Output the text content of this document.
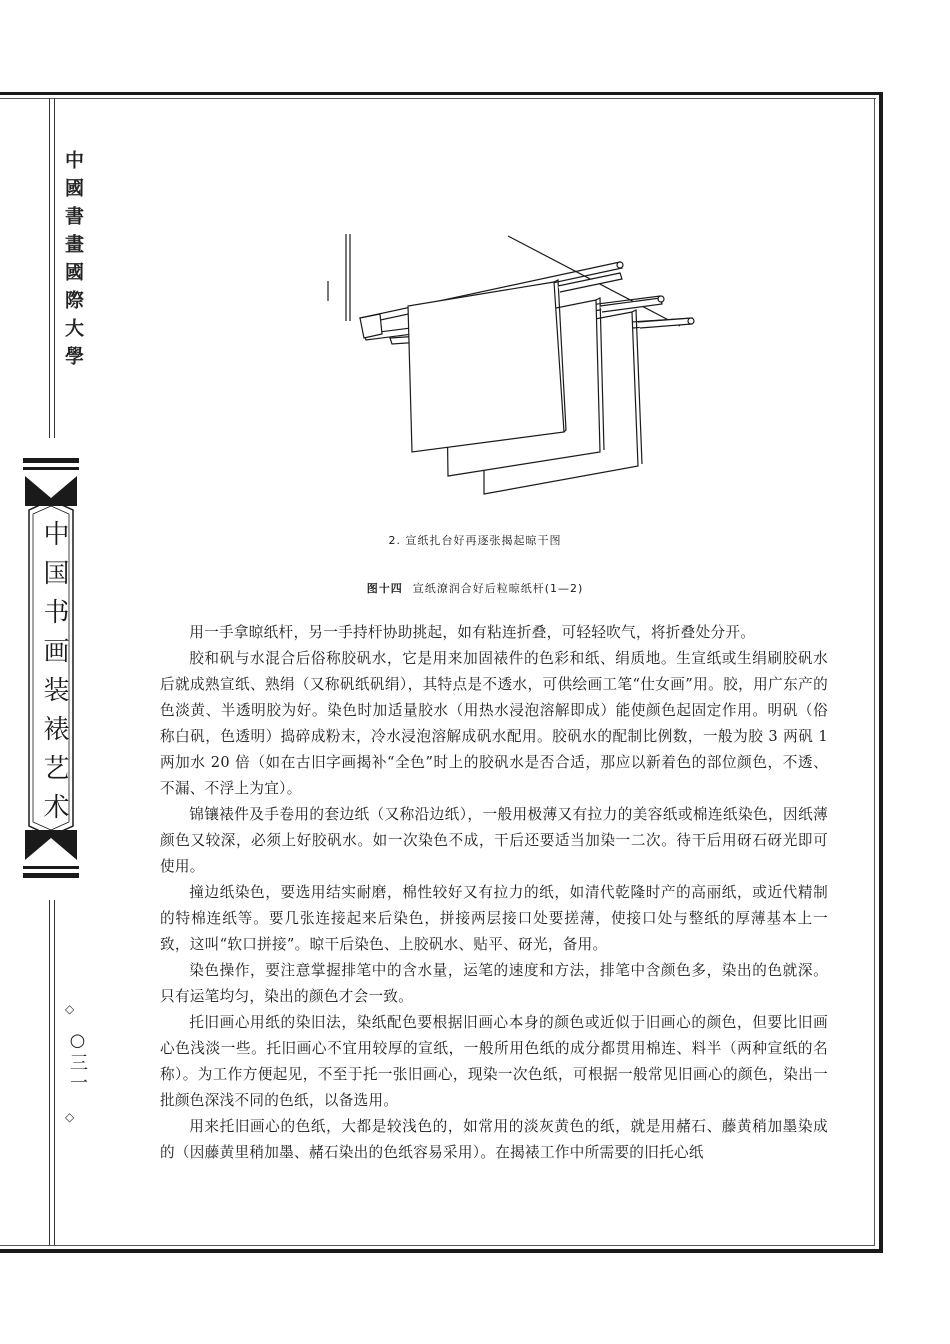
中國書畫國際大學
中国书画装裱艺术
◇
○三一
◇
2. 宣纸扎台好再逐张揭起晾干图
图十四 宣纸潦润合好后粒晾纸杆(1—2)

用一手拿晾纸杆，另一手持杆协助挑起，如有粘连折叠，可轻轻吹气，将折叠处分开。

胶和矾与水混合后俗称胶矾水，它是用来加固裱件的色彩和纸、绢质地。生宣纸或生绢刷胶矾水后就成熟宣纸、熟绢（又称矾纸矾绢），其特点是不透水，可供绘画工笔“仕女画”用。胶，用广东产的色淡黄、半透明胶为好。染色时加适量胶水（用热水浸泡溶解即成）能使颜色起固定作用。明矾（俗称白矾，色透明）捣碎成粉末，冷水浸泡溶解成矾水配用。胶矾水的配制比例数，一般为胶 3 两矾 1 两加水 20 倍（如在古旧字画揭补“全色”时上的胶矾水是否合适，那应以新着色的部位颜色，不透、不漏、不浮上为宜）。

锦镶裱件及手卷用的套边纸（又称沿边纸），一般用极薄又有拉力的美容纸或棉连纸染色，因纸薄颜色又较深，必须上好胶矾水。如一次染色不成，干后还要适当加染一二次。待干后用砑石砑光即可使用。

撞边纸染色，要选用结实耐磨，棉性较好又有拉力的纸，如清代乾隆时产的高丽纸，或近代精制的特棉连纸等。要几张连接起来后染色，拼接两层接口处要搓薄，使接口处与整纸的厚薄基本上一致，这叫“软口拼接”。晾干后染色、上胶矾水、贴平、砑光，备用。

染色操作，要注意掌握排笔中的含水量，运笔的速度和方法，排笔中含颜色多，染出的色就深。只有运笔均匀，染出的颜色才会一致。

托旧画心用纸的染旧法，染纸配色要根据旧画心本身的颜色或近似于旧画心的颜色，但要比旧画心色浅淡一些。托旧画心不宜用较厚的宣纸，一般所用色纸的成分都贯用棉连、料半（两种宣纸的名称）。为工作方便起见，不至于托一张旧画心，现染一次色纸，可根据一般常见旧画心的颜色，染出一批颜色深浅不同的色纸，以备选用。

用来托旧画心的色纸，大都是较浅色的，如常用的淡灰黄色的纸，就是用赭石、藤黄稍加墨染成的（因藤黄里稍加墨、赭石染出的色纸容易采用）。在揭裱工作中所需要的旧托心纸
